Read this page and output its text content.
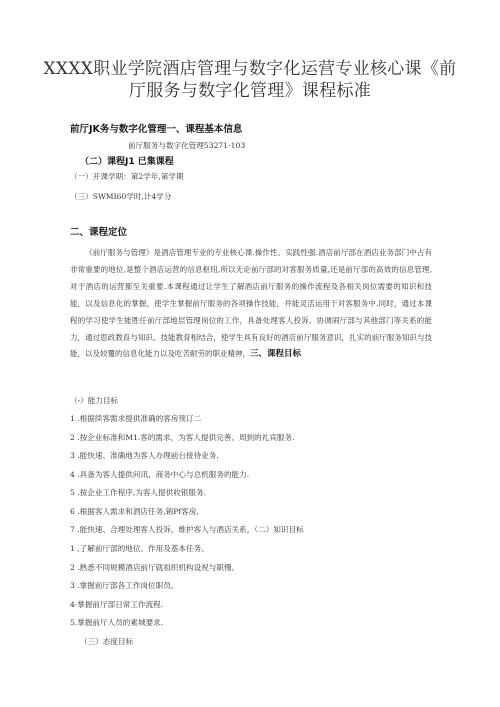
XXXX职业学院酒店管理与数字化运营专业核心课《前
厅服务与数字化管理》课程标准
前厅JK务与数字化管理一、课程基本信息
前厅服务与数字化管理53271-103
（二）课程J1 已集课程
（一）开课学期：第2学年,第学期
（三）SWMI60学时,计4学分
二、课程定位
《前厅服务与管理》是酒店管理专业的专业核心课.操作性、实践性强.酒店前厅部在酒店业务部门中占有非常重要的地位,是整个酒店运营的信息枢纽,所以无论前厅部的对客服务质量,还是前厅部的高效的信息管理,对于酒店的运营都至关重要.本课程通过让学生了解酒店前厅服务的操作流程及各相关岗位需要的知识和技能，以及信息化的掌握，使学生掌握前厅服务的各项操作技能，并能灵活运用于对客服务中.同时，通过本课程的学习使学生能胜任前厅部地层管理岗位的工作，具备处理客人投诉、协调闹厅部与其他部门等关系的能力，通过思政教育与知识、技能教育相结合，使学生具有良好的酒店前厅服务意识，扎实的前厅服务知识与技能，以及较覆的信息化能力以及吃苦耐劳的职业精神，三、课程目标
（-）能力目标
1 .根据续客需求提供准确的客房预订二
2 .按企业标准和M1.客的需求，为客人提供完善、周到的礼宾服务.
3 .能快速、准确地为客人办理前台接待业务.
4 .具备为客人提供问讯、商务中心与总机服务的能力.
5 .按企业工作程序,为客人提供收银服务.
6 .根据客人需求和酒店任务,销Pf客房,
7 .能快速、合理处理客人投诉，维护客人与酒店关系，（二）知识目标
1 ,了解前厅部的地位、作用及基本任务。
2 .熟悉不同规模酒店前厅就祖织机构设祝与职慢。
3 .掌握前厅部各工作岗位职员。
4·掌握前厅部日常工作流程.
5.掌握前厅人员的素城要求.
（三）态度目标
